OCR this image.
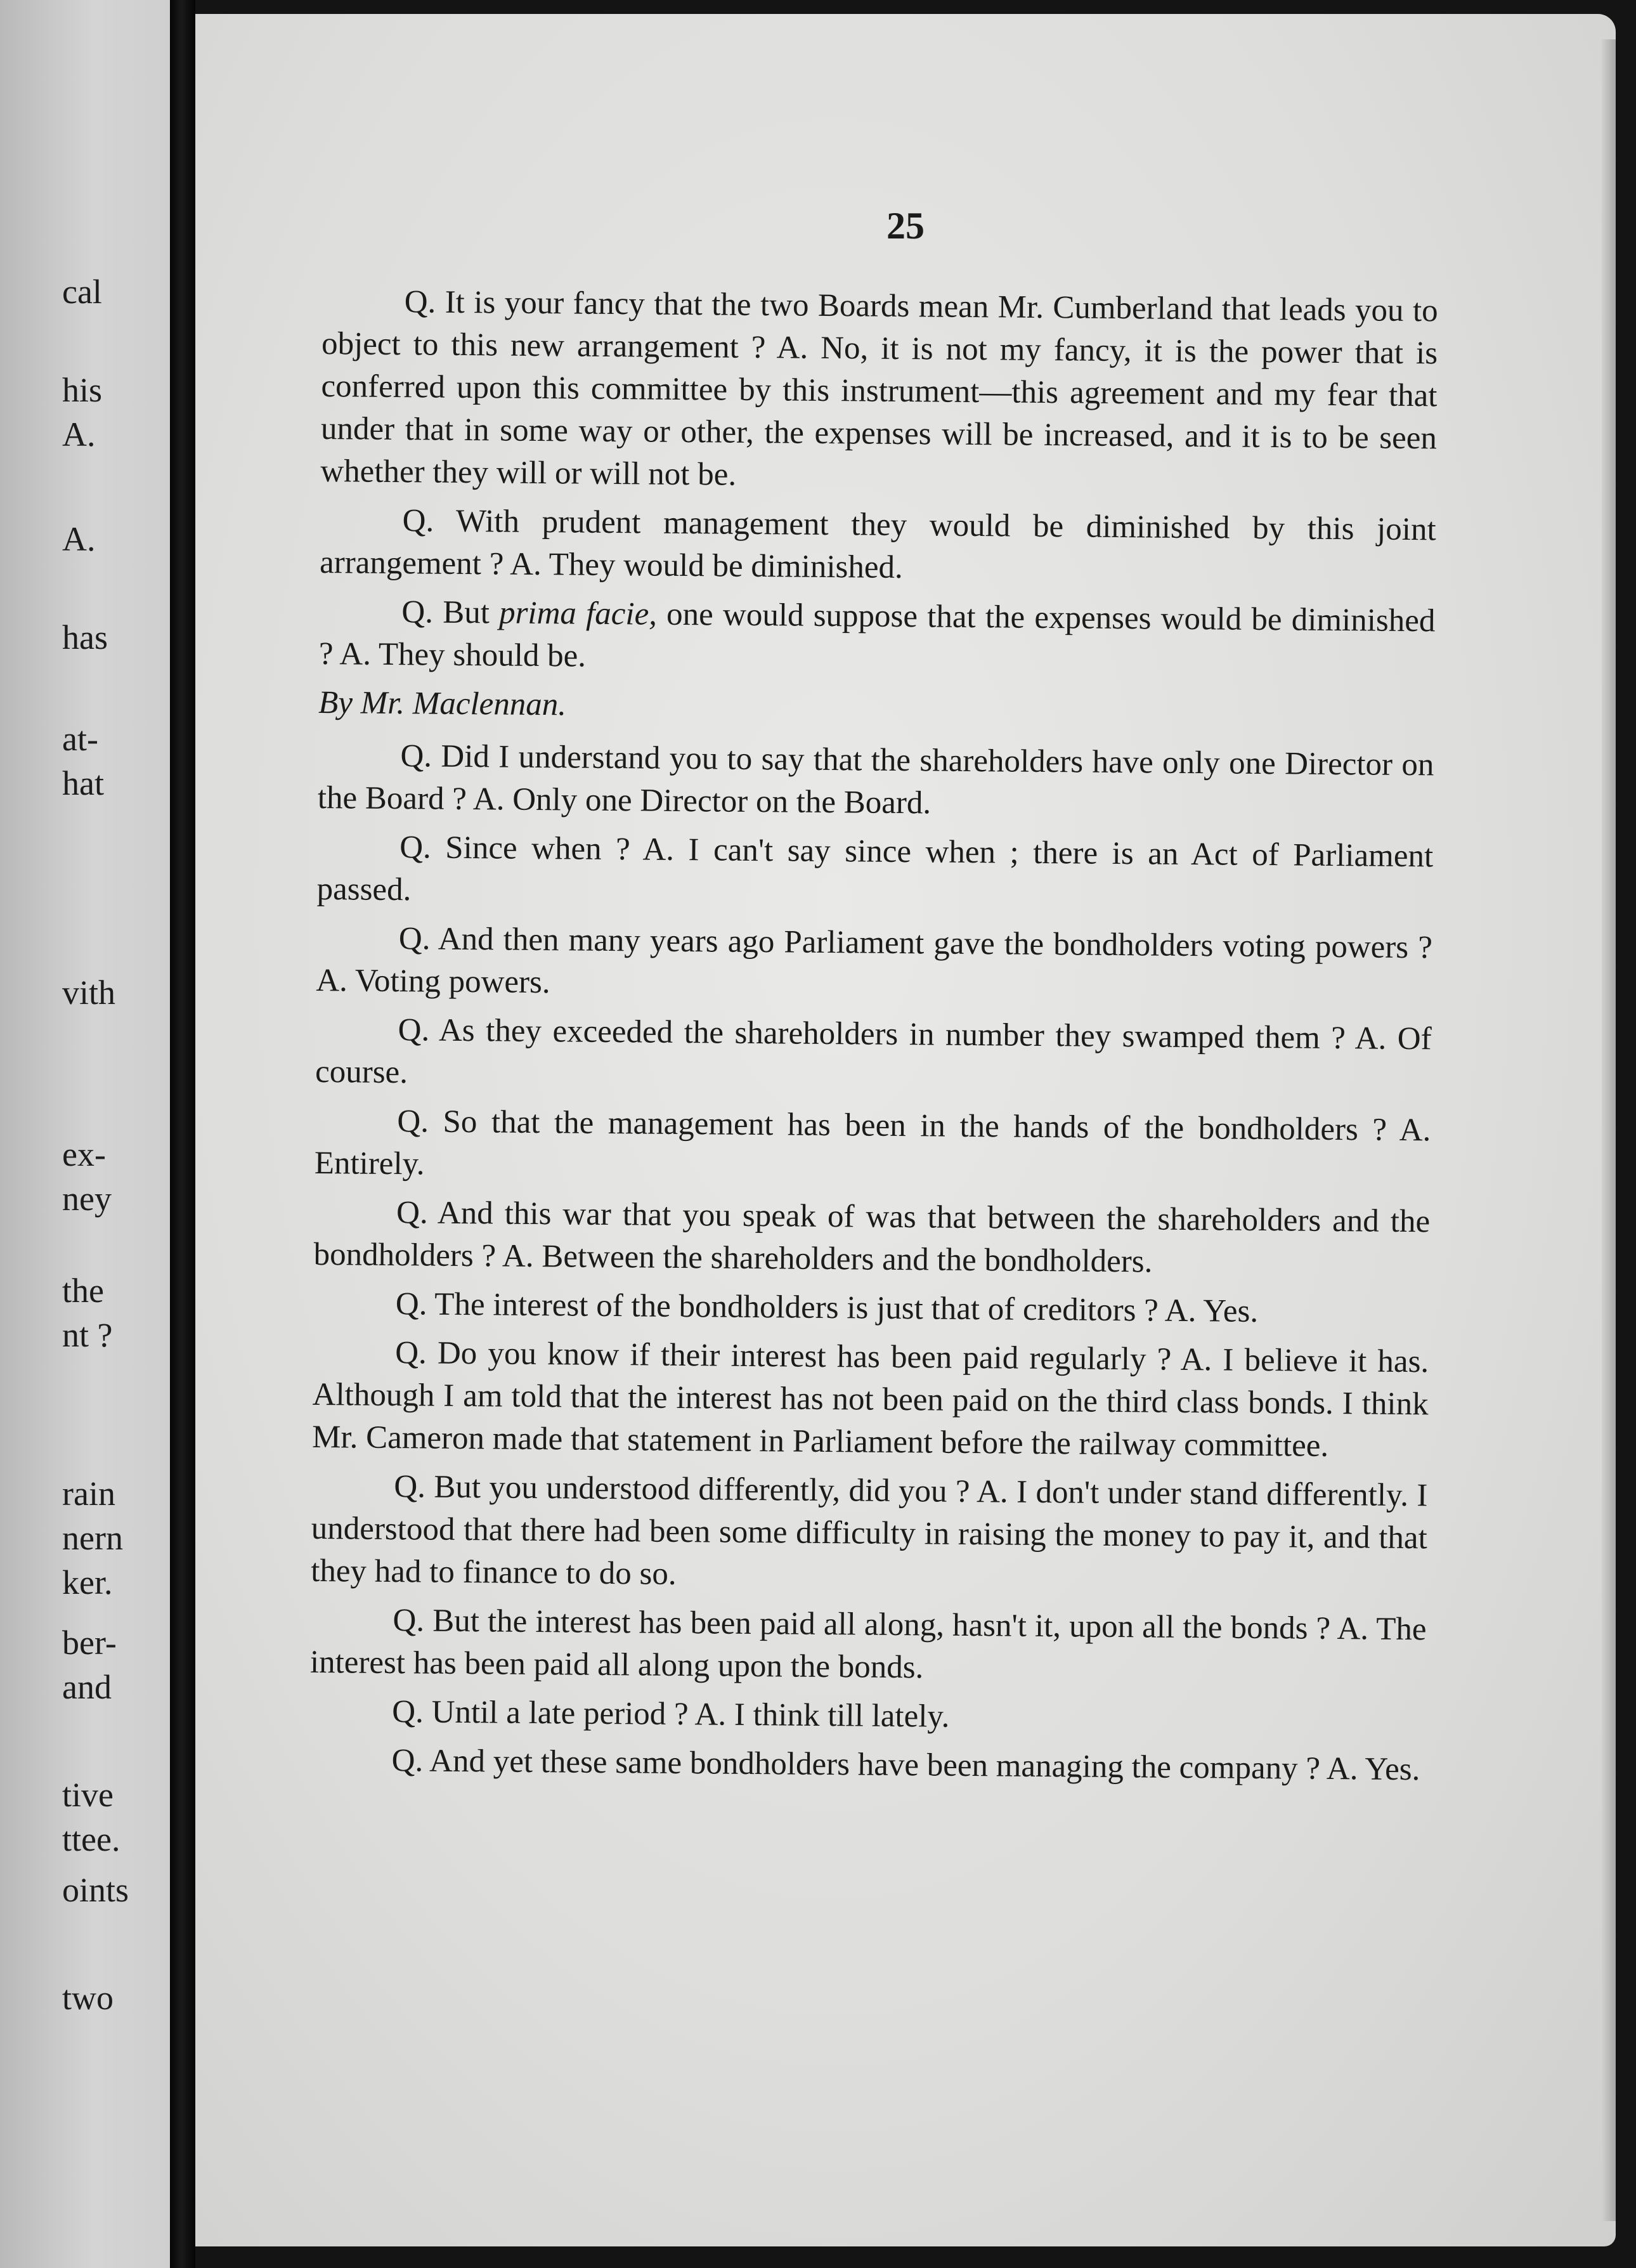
cal
his
A.
A.
has
at-
hat
vith
ex-
ney
the
nt ?
rain
nern
ker.
ber-
and
tive
ttee.
oints
two
25

Q. It is your fancy that the two Boards mean Mr. Cumberland that leads you to object to this new arrangement ? A. No, it is not my fancy, it is the power that is conferred upon this committee by this instrument—this agreement and my fear that under that in some way or other, the expenses will be increased, and it is to be seen whether they will or will not be.

Q. With prudent management they would be diminished by this joint arrangement ? A. They would be diminished.

Q. But prima facie, one would suppose that the expenses would be diminished ? A. They should be.

By Mr. Maclennan.

Q. Did I understand you to say that the shareholders have only one Director on the Board ? A. Only one Director on the Board.

Q. Since when ? A. I can't say since when ; there is an Act of Parliament passed.

Q. And then many years ago Parliament gave the bondholders voting powers ? A. Voting powers.

Q. As they exceeded the shareholders in number they swamped them ? A. Of course.

Q. So that the management has been in the hands of the bondholders ? A. Entirely.

Q. And this war that you speak of was that between the shareholders and the bondholders ? A. Between the shareholders and the bondholders.

Q. The interest of the bondholders is just that of creditors ? A. Yes.

Q. Do you know if their interest has been paid regularly ? A. I believe it has. Although I am told that the interest has not been paid on the third class bonds. I think Mr. Cameron made that statement in Parliament before the railway committee.

Q. But you understood differently, did you ? A. I don't under stand differently. I understood that there had been some difficulty in raising the money to pay it, and that they had to finance to do so.

Q. But the interest has been paid all along, hasn't it, upon all the bonds ? A. The interest has been paid all along upon the bonds.

Q. Until a late period ? A. I think till lately.

Q. And yet these same bondholders have been managing the company ? A. Yes.
